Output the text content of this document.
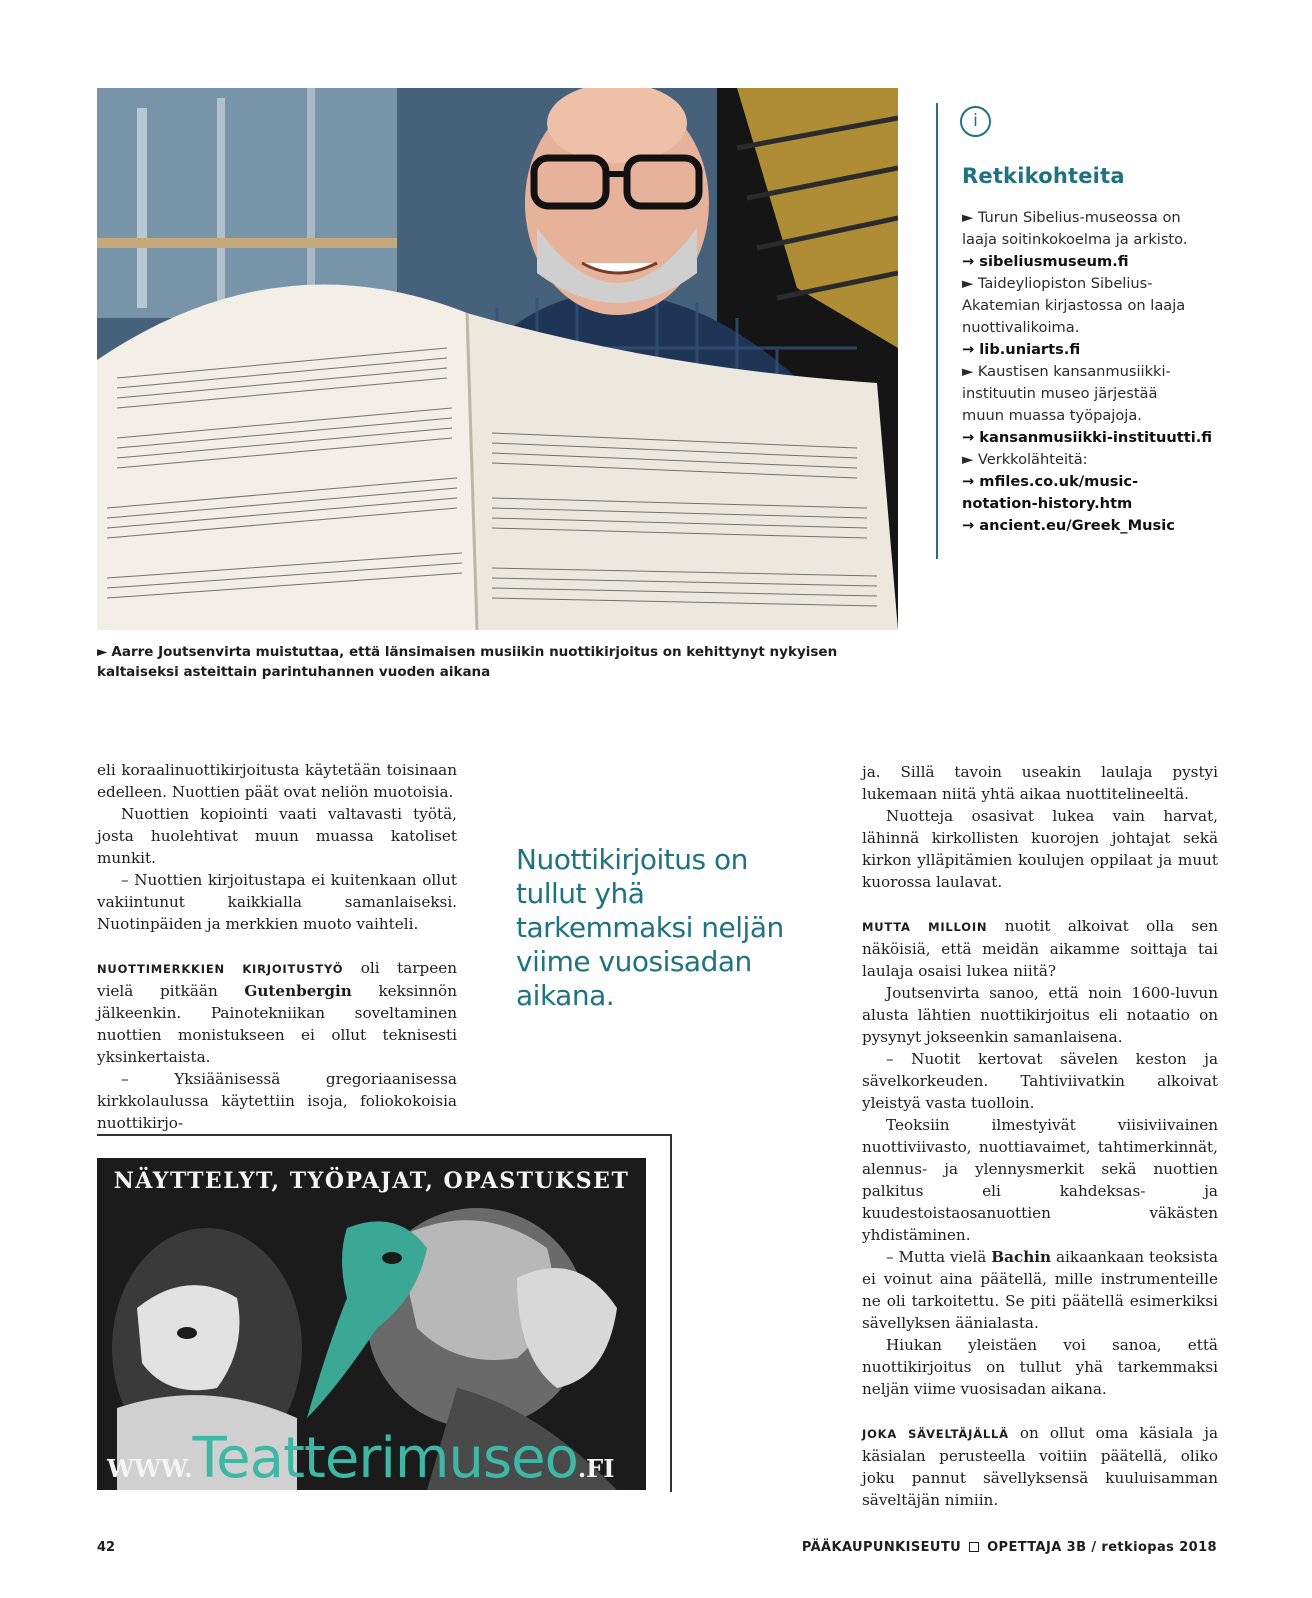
► Aarre Joutsenvirta muistuttaa, että länsimaisen musiikin nuottikirjoitus on kehittynyt nykyisen kaltaiseksi asteittain parintuhannen vuoden aikana
i
Retkikohteita
► Turun Sibelius-museossa on
laaja soitinkokoelma ja arkisto.
→ sibeliusmuseum.fi
► Taideyliopiston Sibelius-
Akatemian kirjastossa on laaja
nuottivalikoima.
→ lib.uniarts.fi
► Kaustisen kansanmusiikki-
instituutin museo järjestää
muun muassa työpajoja.
→ kansanmusiikki-instituutti.fi
► Verkkolähteitä:
→ mfiles.co.uk/music-
notation-history.htm
→ ancient.eu/Greek_Music

eli koraalinuottikirjoitusta käytetään toisinaan edelleen. Nuottien päät ovat neliön muotoisia.

Nuottien kopiointi vaati valtavasti työtä, josta huolehtivat muun muassa katoliset munkit.

– Nuottien kirjoitustapa ei kuitenkaan ollut vakiintunut kaikkialla samanlaiseksi. Nuotinpäiden ja merkkien muoto vaihteli.

NUOTTIMERKKIEN KIRJOITUSTYÖ oli tarpeen vielä pitkään Gutenbergin keksinnön jälkeenkin. Painotekniikan soveltaminen nuottien monistukseen ei ollut teknisesti yksinkertaista.

– Yksiäänisessä gregoriaanisessa kirkkolaulussa käytettiin isoja, foliokokoisia nuottikirjo-

Nuottikirjoitus on tullut yhä tarkemmaksi neljän viime vuosisadan aikana.

ja. Sillä tavoin useakin laulaja pystyi lukemaan niitä yhtä aikaa nuottitelineeltä.

Nuotteja osasivat lukea vain harvat, lähinnä kirkollisten kuorojen johtajat sekä kirkon ylläpitämien koulujen oppilaat ja muut kuorossa laulavat.

MUTTA MILLOIN nuotit alkoivat olla sen näköisiä, että meidän aikamme soittaja tai laulaja osaisi lukea niitä?

Joutsenvirta sanoo, että noin 1600-luvun alusta lähtien nuottikirjoitus eli notaatio on pysynyt jokseenkin samanlaisena.

– Nuotit kertovat sävelen keston ja sävelkorkeuden. Tahtiviivatkin alkoivat yleistyä vasta tuolloin.

Teoksiin ilmestyivät viisiviivainen nuottiviivasto, nuottiavaimet, tahtimerkinnät, alennus- ja ylennysmerkit sekä nuottien palkitus eli kahdeksas- ja kuudestoistaosanuottien väkästen yhdistäminen.

– Mutta vielä Bachin aikaankaan teoksista ei voinut aina päätellä, mille instrumenteille ne oli tarkoitettu. Se piti päätellä esimerkiksi sävellyksen äänialasta.

Hiukan yleistäen voi sanoa, että nuottikirjoitus on tullut yhä tarkemmaksi neljän viime vuosisadan aikana.

JOKA SÄVELTÄJÄLLÄ on ollut oma käsiala ja käsialan perusteella voitiin päätellä, oliko joku pannut sävellyksensä kuuluisamman säveltäjän nimiin.

NÄYTTELYT, TYÖPAJAT, OPASTUKSET
WWW.Teatterimuseo.FI
42	PÄÄKAUPUNKISEUTU OPETTAJA 3B / retkiopas 2018
